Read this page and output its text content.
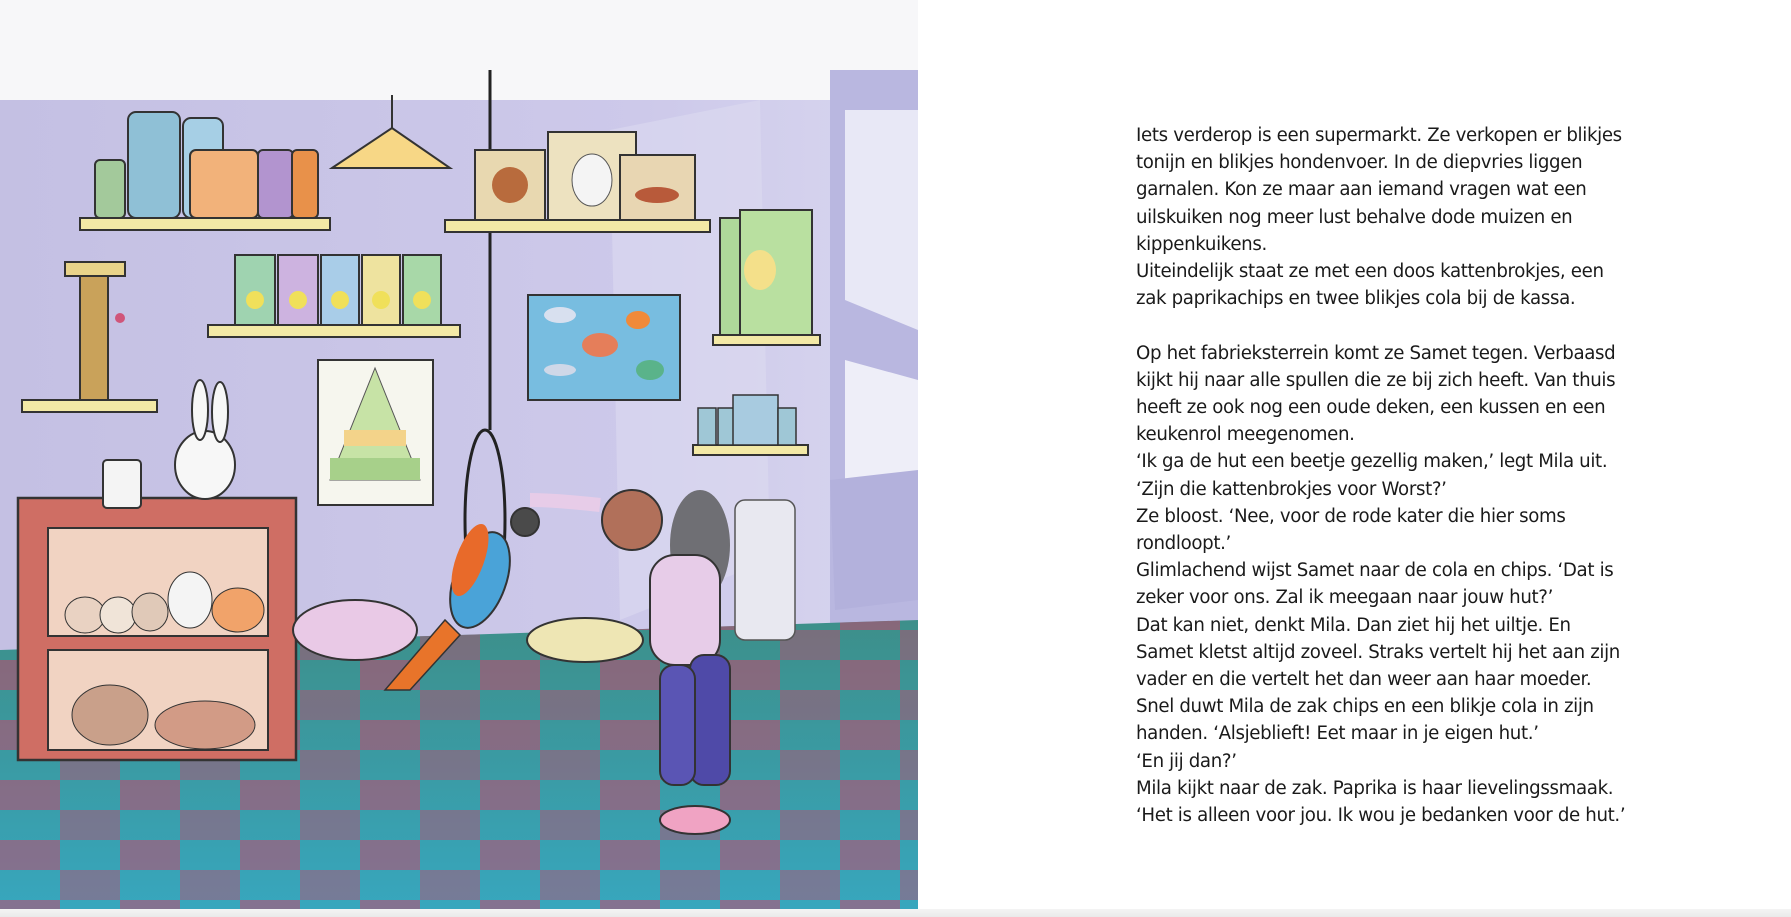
Iets verderop is een supermarkt. Ze verkopen er blikjes
tonijn en blikjes hondenvoer. In de diepvries liggen
garnalen. Kon ze maar aan iemand vragen wat een
uilskuiken nog meer lust behalve dode muizen en
kippenkuikens.
Uiteindelijk staat ze met een doos kattenbrokjes, een
zak paprikachips en twee blikjes cola bij de kassa.
Op het fabrieksterrein komt ze Samet tegen. Verbaasd
kijkt hij naar alle spullen die ze bij zich heeft. Van thuis
heeft ze ook nog een oude deken, een kussen en een
keukenrol meegenomen.
‘Ik ga de hut een beetje gezellig maken,’ legt Mila uit.
‘Zijn die kattenbrokjes voor Worst?’
Ze bloost. ‘Nee, voor de rode kater die hier soms
rondloopt.’
Glimlachend wijst Samet naar de cola en chips. ‘Dat is
zeker voor ons. Zal ik meegaan naar jouw hut?’
Dat kan niet, denkt Mila. Dan ziet hij het uiltje. En
Samet kletst altijd zoveel. Straks vertelt hij het aan zijn
vader en die vertelt het dan weer aan haar moeder.
Snel duwt Mila de zak chips en een blikje cola in zijn
handen. ‘Alsjeblieft! Eet maar in je eigen hut.’
‘En jij dan?’
Mila kijkt naar de zak. Paprika is haar lievelingssmaak.
‘Het is alleen voor jou. Ik wou je bedanken voor de hut.’
